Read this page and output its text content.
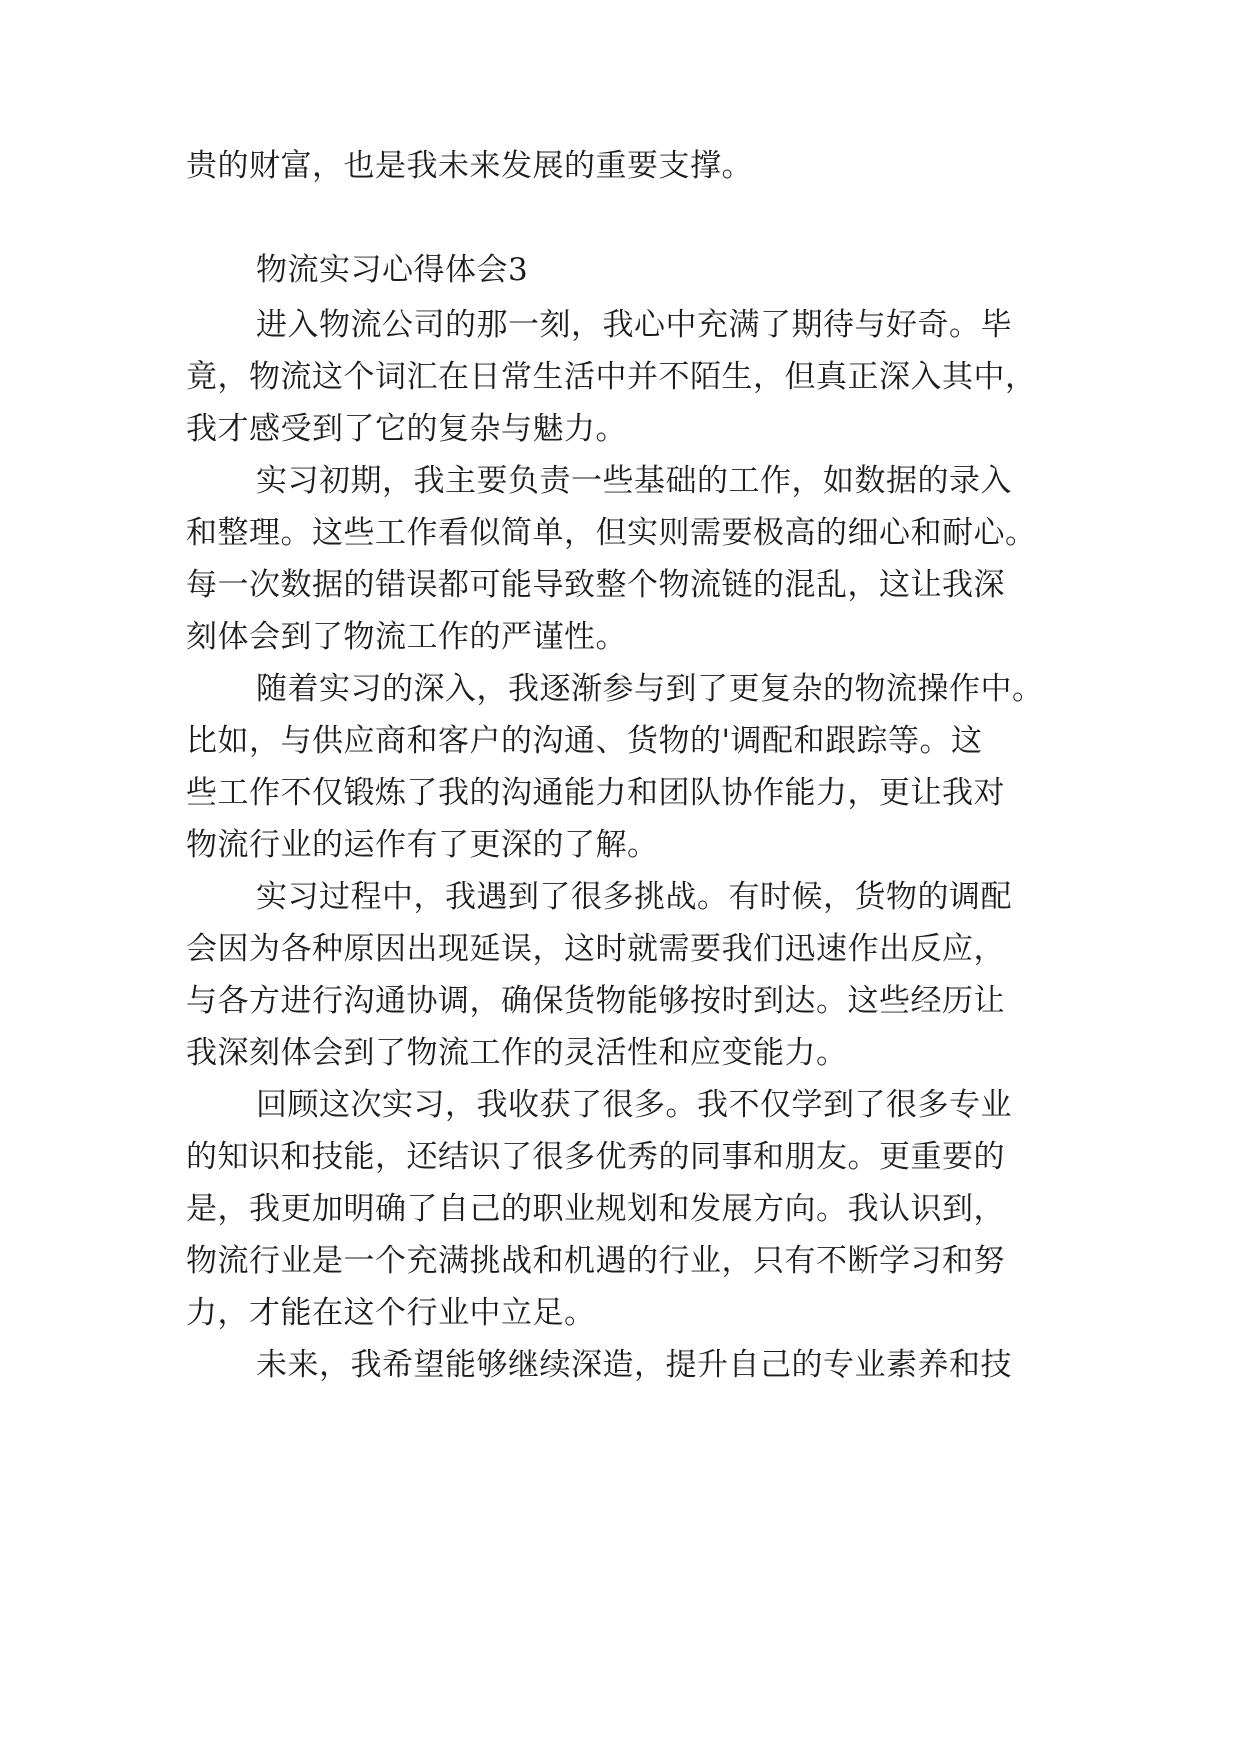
贵的财富，也是我未来发展的重要支撑。
物流实习心得体会3
进入物流公司的那一刻，我心中充满了期待与好奇。毕
竟，物流这个词汇在日常生活中并不陌生，但真正深入其中，
我才感受到了它的复杂与魅力。
实习初期，我主要负责一些基础的工作，如数据的录入
和整理。这些工作看似简单，但实则需要极高的细心和耐心。
每一次数据的错误都可能导致整个物流链的混乱，这让我深
刻体会到了物流工作的严谨性。
随着实习的深入，我逐渐参与到了更复杂的物流操作中。
比如，与供应商和客户的沟通、货物的'调配和跟踪等。这
些工作不仅锻炼了我的沟通能力和团队协作能力，更让我对
物流行业的运作有了更深的了解。
实习过程中，我遇到了很多挑战。有时候，货物的调配
会因为各种原因出现延误，这时就需要我们迅速作出反应，
与各方进行沟通协调，确保货物能够按时到达。这些经历让
我深刻体会到了物流工作的灵活性和应变能力。
回顾这次实习，我收获了很多。我不仅学到了很多专业
的知识和技能，还结识了很多优秀的同事和朋友。更重要的
是，我更加明确了自己的职业规划和发展方向。我认识到，
物流行业是一个充满挑战和机遇的行业，只有不断学习和努
力，才能在这个行业中立足。
未来，我希望能够继续深造，提升自己的专业素养和技
